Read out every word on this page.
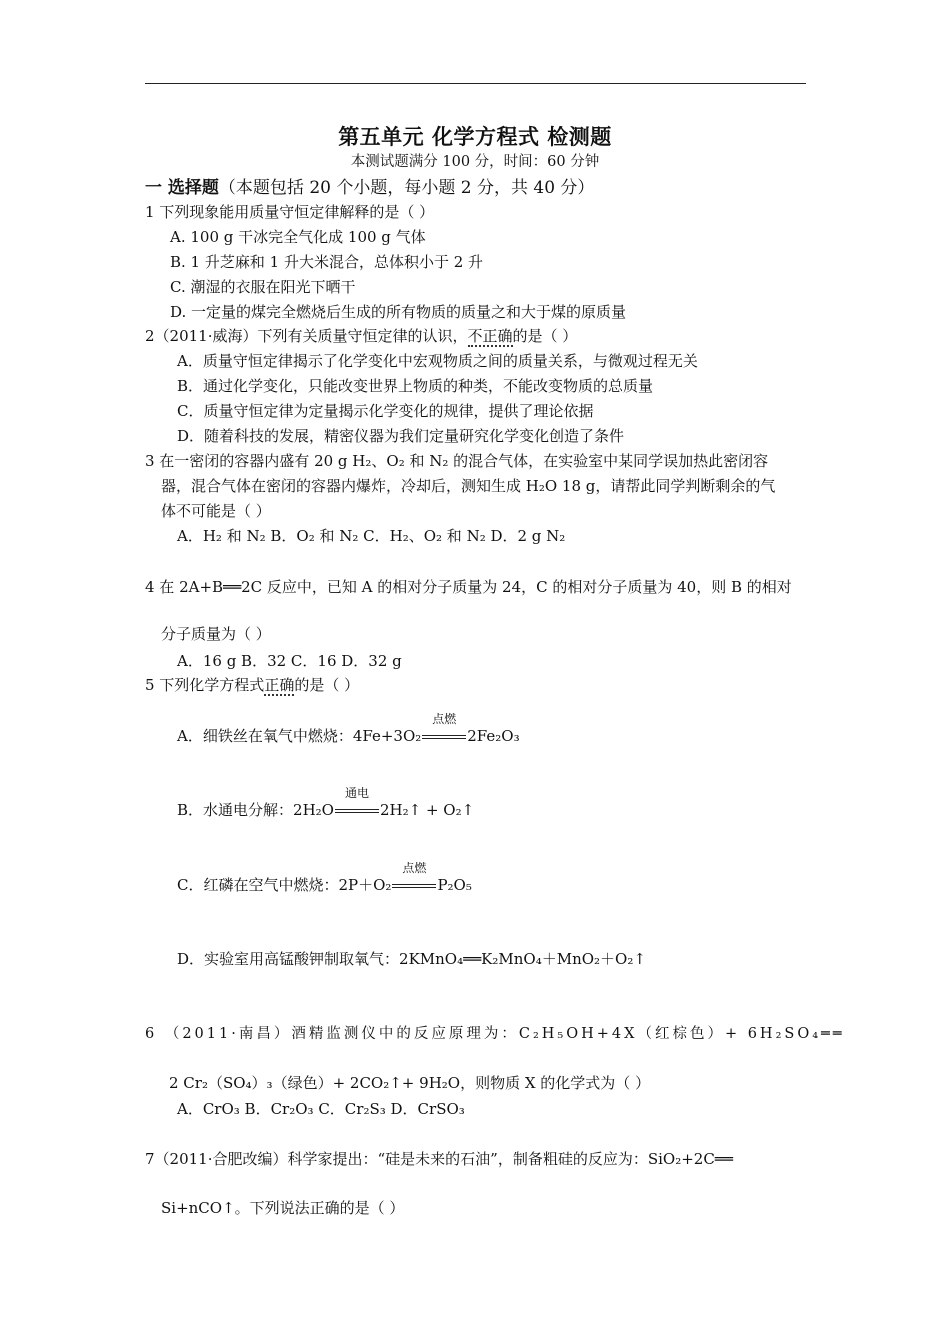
第五单元 化学方程式 检测题
本测试题满分 100 分，时间：60 分钟
一 选择题（本题包括 20 个小题，每小题 2 分，共 40 分）
1 下列现象能用质量守恒定律解释的是（ ）
A. 100 g 干冰完全气化成 100 g 气体
B. 1 升芝麻和 1 升大米混合，总体积小于 2 升
C. 潮湿的衣服在阳光下晒干
D. 一定量的煤完全燃烧后生成的所有物质的质量之和大于煤的原质量
2（2011·威海）下列有关质量守恒定律的认识，不正确的是（ ）
A．质量守恒定律揭示了化学变化中宏观物质之间的质量关系，与微观过程无关
B．通过化学变化，只能改变世界上物质的种类，不能改变物质的总质量
C．质量守恒定律为定量揭示化学变化的规律，提供了理论依据
D．随着科技的发展，精密仪器为我们定量研究化学变化创造了条件
3 在一密闭的容器内盛有 20 g H₂、O₂ 和 N₂ 的混合气体，在实验室中某同学误加热此密闭容
器，混合气体在密闭的容器内爆炸，冷却后，测知生成 H₂O 18 g，请帮此同学判断剩余的气
体不可能是（ ）
A．H₂ 和 N₂ B．O₂ 和 N₂ C．H₂、O₂ 和 N₂ D．2 g N₂
4 在 2A+B══2C 反应中，已知 A 的相对分子质量为 24，C 的相对分子质量为 40，则 B 的相对
分子质量为（ ）
A．16 g B．32 C．16 D．32 g
5 下列化学方程式正确的是（ ）
A．细铁丝在氧气中燃烧：4Fe+3O₂
点燃
2Fe₂O₃
B．水通电分解：2H₂O
通电
2H₂↑ + O₂↑
C．红磷在空气中燃烧：2P＋O₂
点燃
P₂O₅
D．实验室用高锰酸钾制取氧气：2KMnO₄══K₂MnO₄＋MnO₂＋O₂↑
6 （2011·南昌）酒精监测仪中的反应原理为：C₂H₅OH+4X（红棕色）+ 6H₂SO₄══
2 Cr₂（SO₄）₃（绿色）+ 2CO₂↑+ 9H₂O，则物质 X 的化学式为（ ）
A．CrO₃ B．Cr₂O₃ C．Cr₂S₃ D．CrSO₃
7（2011·合肥改编）科学家提出：“硅是未来的石油”，制备粗硅的反应为：SiO₂+2C══
Si+nCO↑。下列说法正确的是（ ）
